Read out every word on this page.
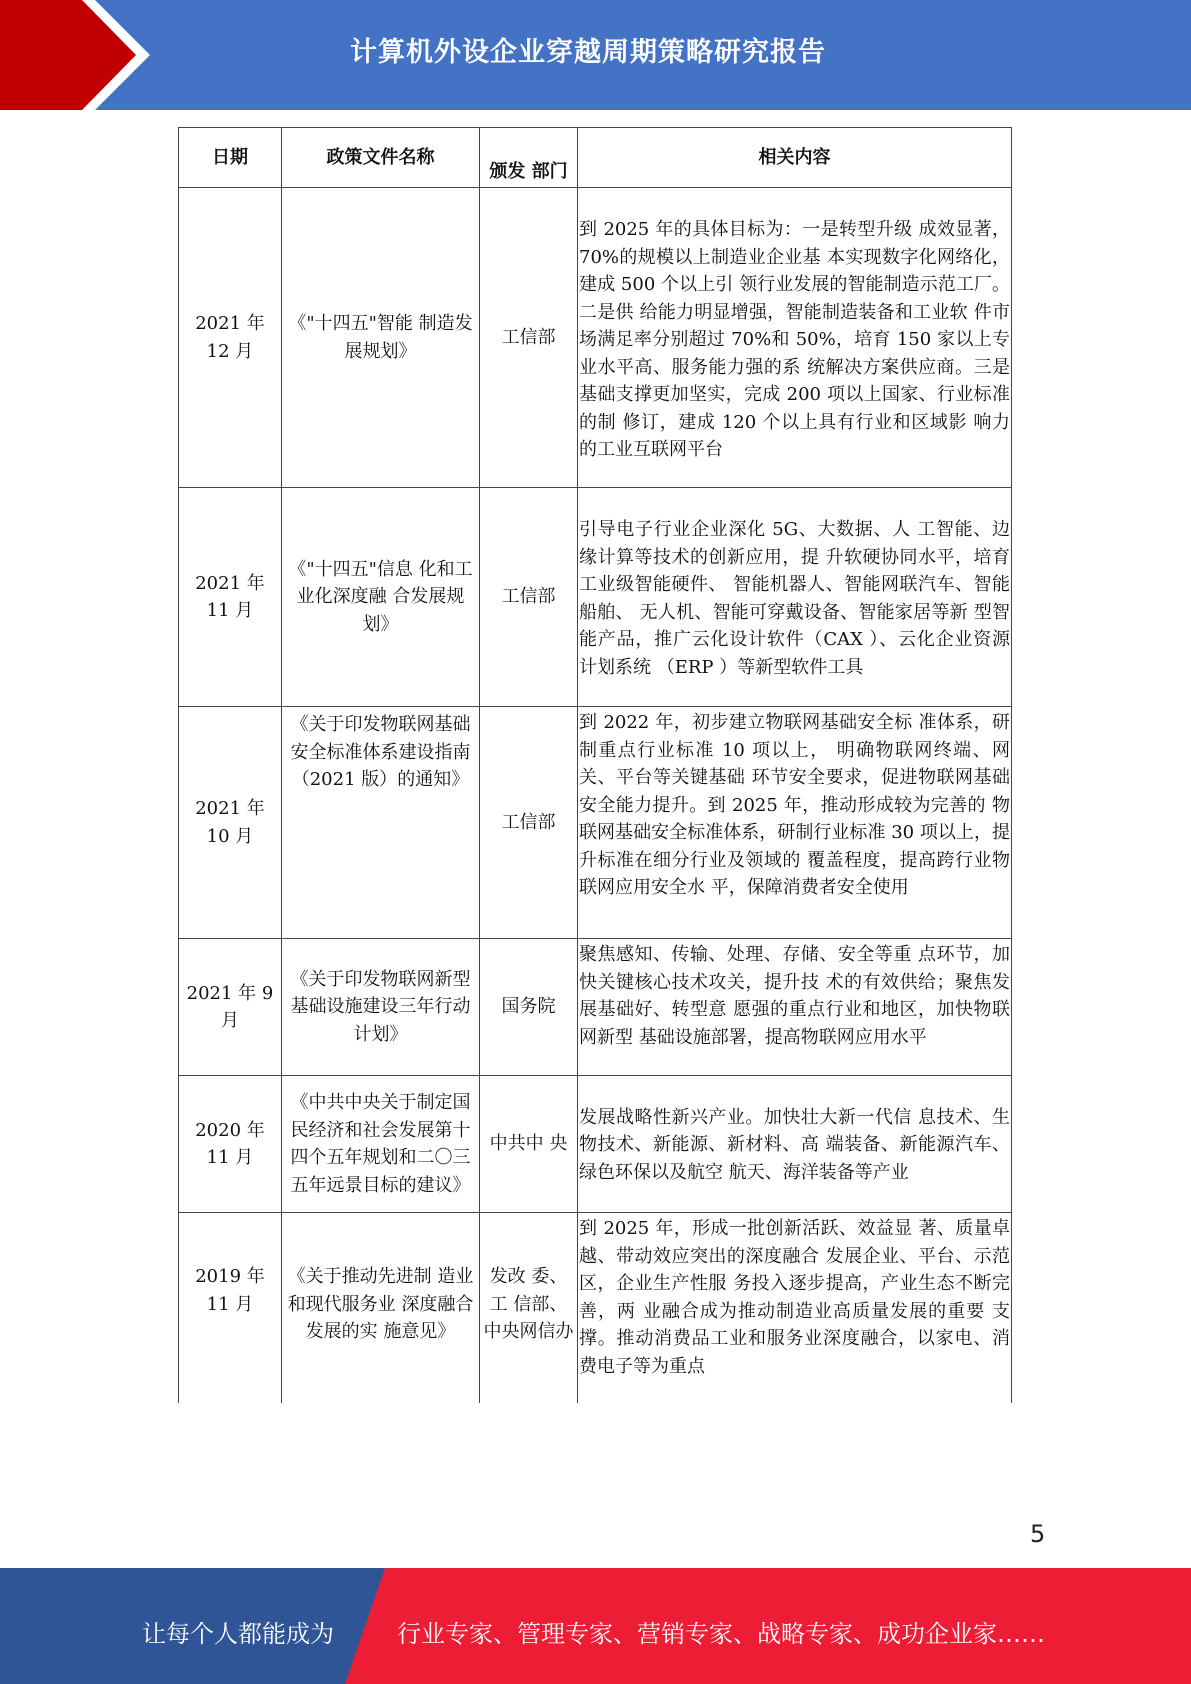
计算机外设企业穿越周期策略研究报告
日期	政策文件名称	颁发 部门	相关内容
2021 年 12 月	《"十四五"智能 制造发展规划》	工信部	到 2025 年的具体目标为：一是转型升级 成效显著，70%的规模以上制造业企业基 本实现数字化网络化，建成 500 个以上引 领行业发展的智能制造示范工厂。二是供 给能力明显增强，智能制造装备和工业软 件市场满足率分别超过 70%和 50%，培育 150 家以上专业水平高、服务能力强的系 统解决方案供应商。三是基础支撑更加坚实，完成 200 项以上国家、行业标准的制 修订，建成 120 个以上具有行业和区域影 响力的工业互联网平台
2021 年 11 月	《"十四五"信息 化和工业化深度融 合发展规划》	工信部	引导电子行业企业深化 5G、大数据、人 工智能、边缘计算等技术的创新应用，提 升软硬协同水平，培育工业级智能硬件、 智能机器人、智能网联汽车、智能船舶、 无人机、智能可穿戴设备、智能家居等新 型智能产品，推广云化设计软件（CAX ）、云化企业资源计划系统 （ERP ）等新型软件工具
2021 年 10 月	《关于印发物联网基础安全标准体系建设指南（2021 版）的通知》	工信部	到 2022 年，初步建立物联网基础安全标 准体系，研制重点行业标准 10 项以上， 明确物联网终端、网关、平台等关键基础 环节安全要求，促进物联网基础安全能力提升。到 2025 年，推动形成较为完善的 物联网基础安全标准体系，研制行业标准 30 项以上，提升标准在细分行业及领域的 覆盖程度，提高跨行业物联网应用安全水 平，保障消费者安全使用
2021 年 9 月	《关于印发物联网新型基础设施建设三年行动计划》	国务院	聚焦感知、传输、处理、存储、安全等重 点环节，加快关键核心技术攻关，提升技 术的有效供给；聚焦发展基础好、转型意 愿强的重点行业和地区，加快物联网新型 基础设施部署，提高物联网应用水平
2020 年 11 月	《中共中央关于制定国民经济和社会发展第十四个五年规划和二〇三五年远景目标的建议》	中共中 央	发展战略性新兴产业。加快壮大新一代信 息技术、生物技术、新能源、新材料、高 端装备、新能源汽车、绿色环保以及航空 航天、海洋装备等产业
2019 年 11 月	《关于推动先进制 造业和现代服务业 深度融合发展的实 施意见》	发改 委、工 信部、中央网信办	到 2025 年，形成一批创新活跃、效益显 著、质量卓越、带动效应突出的深度融合 发展企业、平台、示范区，企业生产性服 务投入逐步提高，产业生态不断完善，两 业融合成为推动制造业高质量发展的重要 支撑。推动消费品工业和服务业深度融合，以家电、消费电子等为重点
5
让每个人都能成为	行业专家、管理专家、营销专家、战略专家、成功企业家……
